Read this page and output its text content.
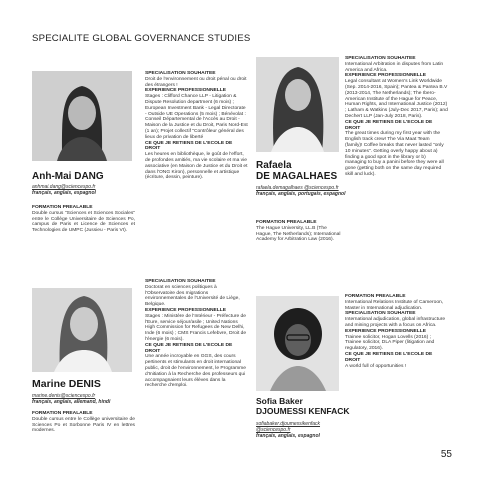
SPECIALITE GLOBAL GOVERNANCE STUDIES
Anh-Mai DANG

anhmai.dang@sciencespo.fr

français, anglais, espagnol

FORMATION PREALABLE

Double cursus "Sciences et Sciences Sociales" entre le Collège Universitaire de Sciences Po, campus de Paris et Licence de Sciences et Technologies de UMPC (Jussieu - Paris VI).

SPECIALISATION SOUHAITEE

Droit de l'environnement ou droit pénal ou droit des étrangers !

EXPERIENCE PROFESSIONNELLE

Stages : Clifford Chance LLP - Litigation & Dispute Resolution department (6 mois) ; European Investment Bank - Legal Directorate - Outside UE Operations (5 mois) ; Bénévolat : Conseil Départemental de l'Accès au Droit - Maison de la Justice et du Droit, Paris Nord-Est (1 an); Projet collectif "Contrôleur général des lieux de privation de liberté

CE QUE JE RETIENS DE L'ECOLE DE DROIT

Les heures en bibliothèque, le goût de l'effort, de profondes amitiés, ma vie scolaire et ma vie associative (en Maison de Justice et du Droit et dans l'ONG Kiron), personnelle et artistique (écriture, dessin, peinture).

Rafaela
DE MAGALHAES

rafaela.demagalhaes @sciencespo.fr

français, anglais, portugais, espagnol

FORMATION PREALABLE

The Hague University, LL.B (The Hague, The Netherlands); International Academy for Arbitration Law (2016).

SPECIALISATION SOUHAITEE

International Arbitration in disputes from Latin America and Africa.

EXPERIENCE PROFESSIONNELLE

Legal consultant at Women's Link Worldwide (Sep. 2014-2016, Spain); Pantea & Pantea B.V (2013-2014, The Netherlands); The Ibero-American Institute of the Hague for Peace, Human Rights, and International Justice (2012) ; Latham & Watkins (July-Dec 2017, Paris); and Dechert LLP (Jan-July 2018, Paris).

CE QUE JE RETIENS DE L'ECOLE DE DROIT

The great times during my first year with the English track crew! The Via Maat Team (family)! Coffee breaks that never lasted "only 10 minutes". Getting overly happy about a) finding a good spot in the library or b) managing to buy a panini before they were all gone (getting both on the same day required skill and luck).

Marine DENIS

marine.denis@sciencespo.fr

français, anglais, allemand, hindi

FORMATION PREALABLE

Double cursus entre le Collège universitaire de Sciences Po et Sorbonne Paris IV en lettres modernes.

SPECIALISATION SOUHAITEE

Doctorat en sciences politiques à l'Observatoire des migrations environnementales de l'Université de Liège, Belgique.

EXPERIENCE PROFESSIONNELLE

Stages : Ministère de l'Intérieur - Préfecture de l'Eure, service séjour/asile ; United Nations High Commission for Refugees de New Delhi, Inde (6 mois) ; CMS Francis Lefebvre, Droit de l'énergie (6 mois).

CE QUE JE RETIENS DE L'ECOLE DE DROIT

Une année incroyable en GGS, des cours pertinents et stimulants en droit international public, droit de l'environnement, le Programme d'Initiation à la Recherche des professeurs qui accompagnaient leurs élèves dans la recherche d'emploi.

Sofia Baker
DJOUMESSI KENFACK

sofiabaker.djoumessikenfack @sciencespo.fr

français, anglais, espagnol

FORMATION PREALABLE

International Relations Institute of Cameroon, Master in International adjudication.

SPECIALISATION SOUHAITEE

International adjudication, global infrastructure and mining projects with a focus on Africa.

EXPERIENCE PROFESSIONNELLE

Trainee solicitor, Hogan Lovells (2016) ; Trainee solicitor, DLA Piper (litigation and regulatory, 2016).

CE QUE JE RETIENS DE L'ECOLE DE DROIT

A world full of opportunities !

55
